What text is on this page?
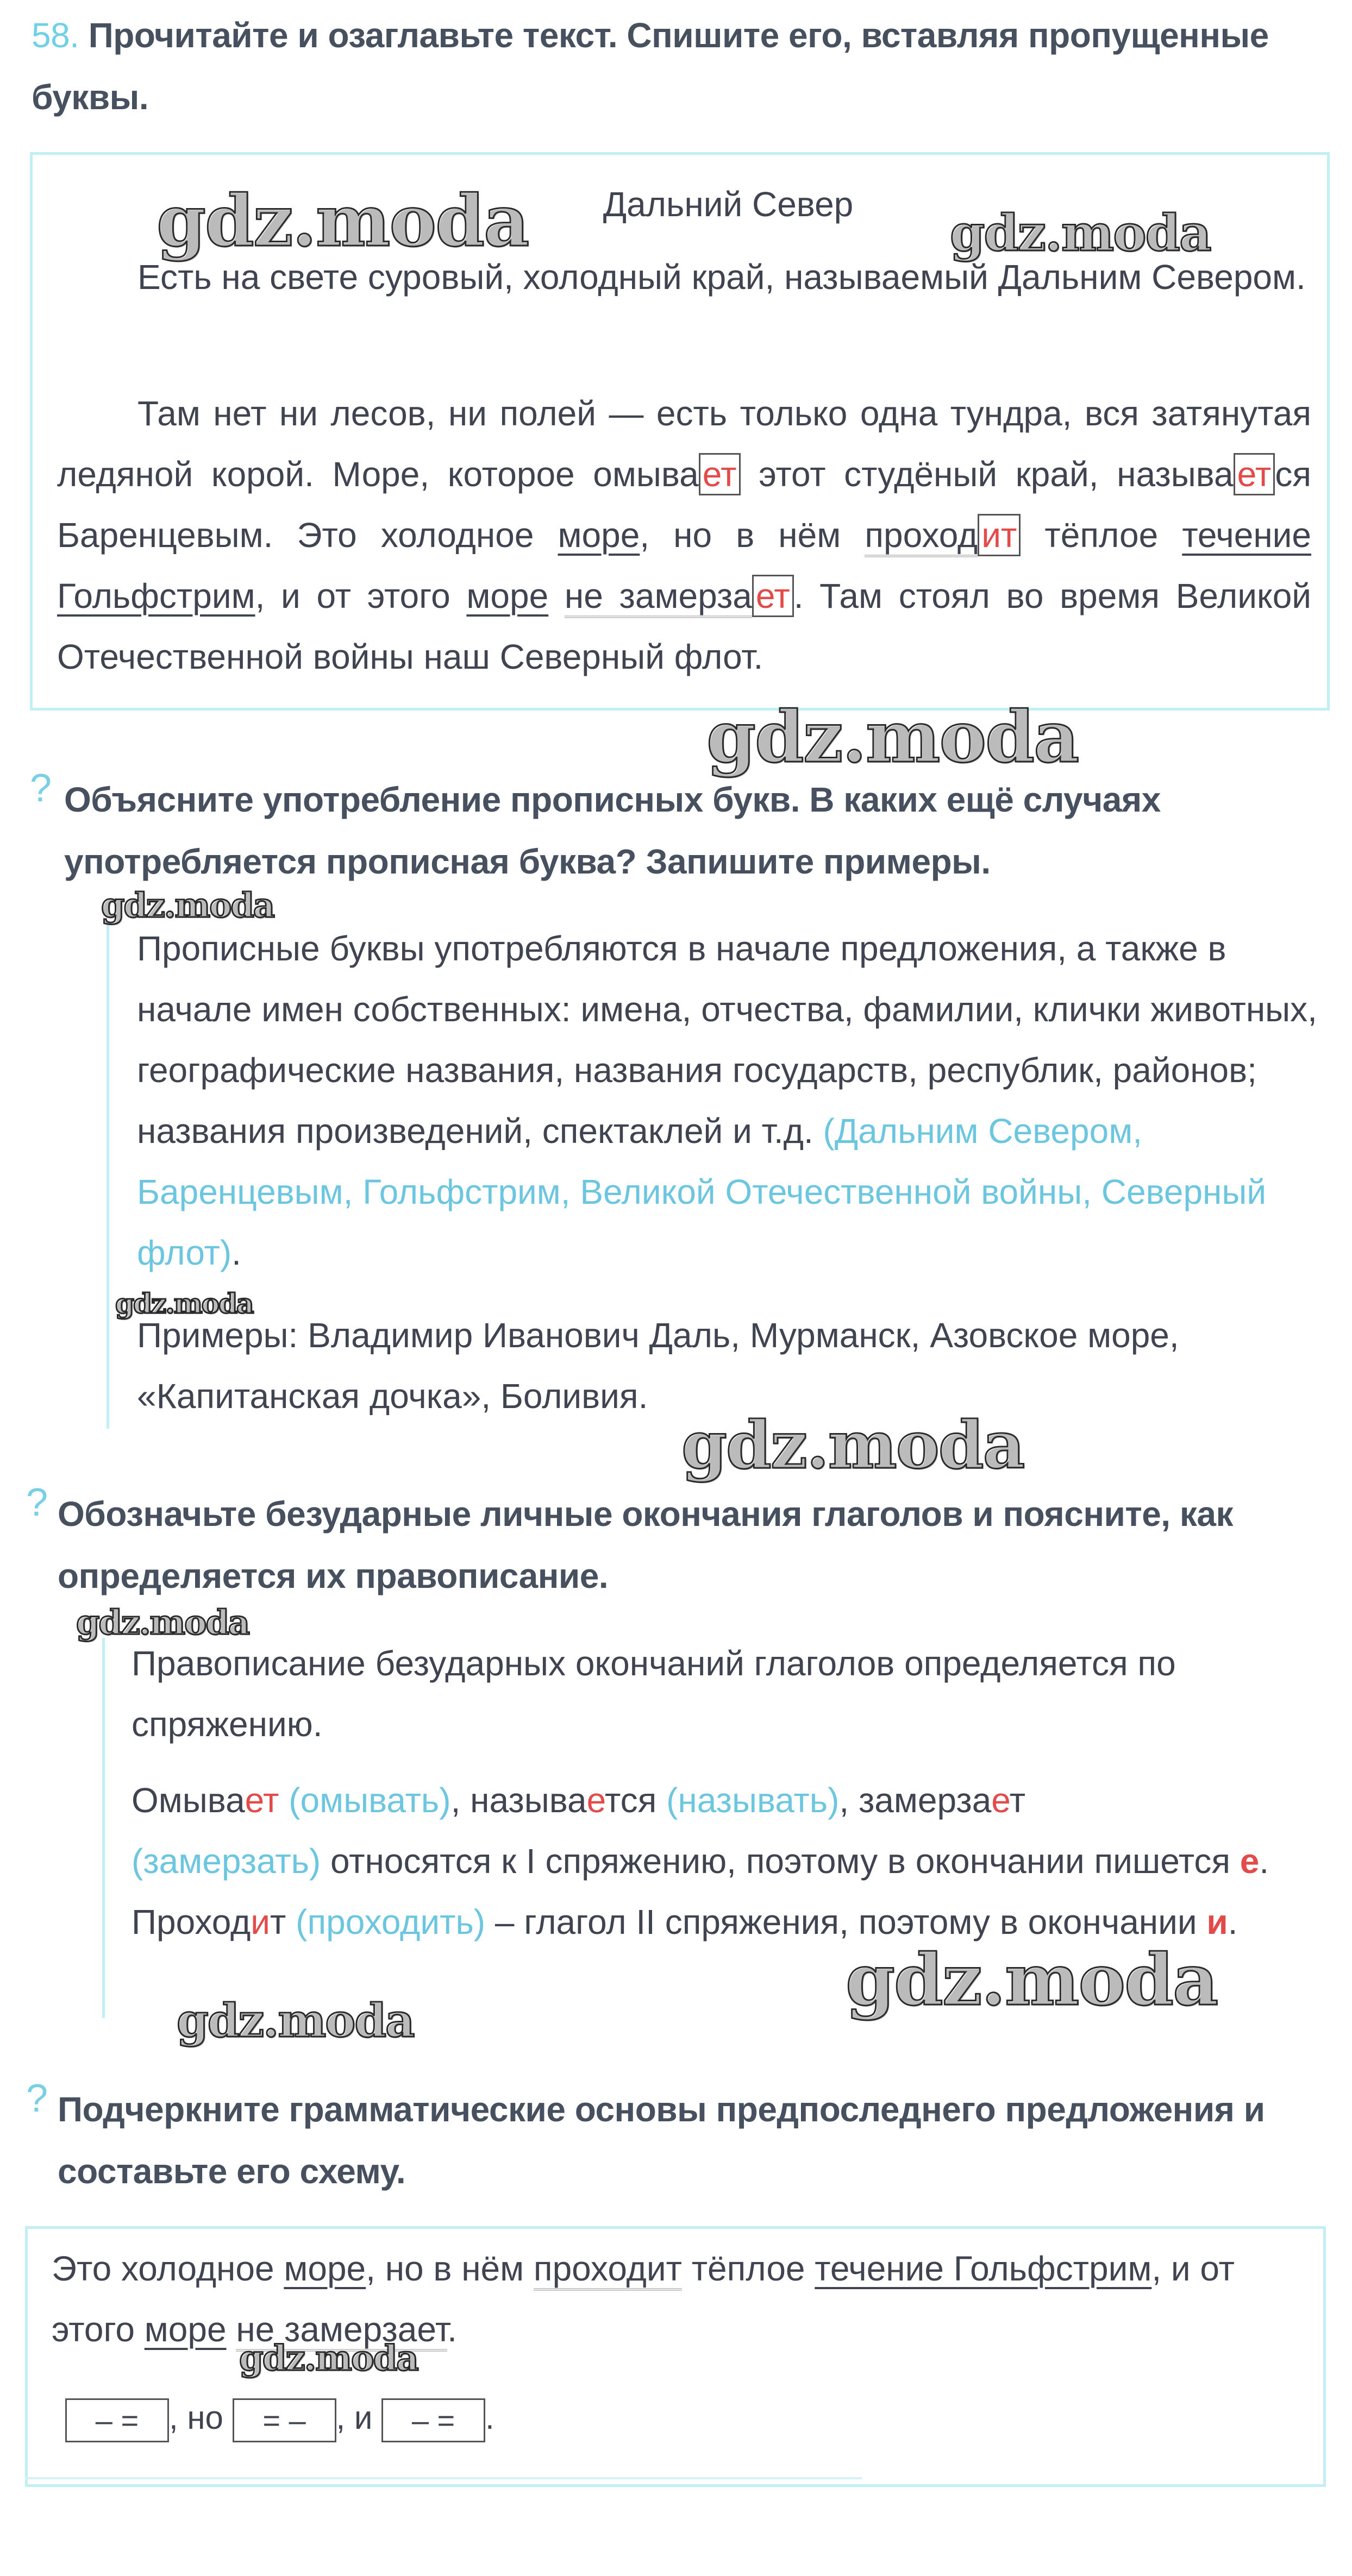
58. Прочитайте и озаглавьте текст. Спишите его, вставляя пропущенные
буквы.
Дальний Север
Есть на свете суровый, холодный край, называемый Дальним Севером.
Там нет ни лесов, ни полей — есть только одна тундра, вся затянутая ледяной корой. Море, которое омыва ет этот студёный край, называ ет ся Баренцевым. Это холодное море, но в нём проход ит тёплое течение Гольфстрим, и от этого море не замерза ет . Там стоял во время Великой Отечественной войны наш Северный флот.
? Объясните употребление прописных букв. В каких ещё случаях
употребляется прописная буква? Запишите примеры.
Прописные буквы употребляются в начале предложения, а также в начале имен собственных: имена, отчества, фамилии, клички животных, географические названия, названия государств, республик, районов; названия произведений, спектаклей и т.д. (Дальним Севером, Баренцевым, Гольфстрим, Великой Отечественной войны, Северный флот).
Примеры: Владимир Иванович Даль, Мурманск, Азовское море, «Капитанская дочка», Боливия.
? Обозначьте безударные личные окончания глаголов и поясните, как
определяется их правописание.
Правописание безударных окончаний глаголов определяется по спряжению.
Омывает (омывать), называется (называть), замерзает
(замерзать) относятся к I спряжению, поэтому в окончании пишется е. Проходит (проходить) – глагол II спряжения, поэтому в окончании и.
? Подчеркните грамматические основы предпоследнего предложения и
составьте его схему.
Это холодное море, но в нём проходит тёплое течение Гольфстрим, и от этого море не замерзает.
– = , но = – , и – = .
gdz.moda	gdz.moda
gdz.moda
gdz.moda
gdz.moda
gdz.moda
gdz.moda
gdz.moda
gdz.moda
gdz.moda
